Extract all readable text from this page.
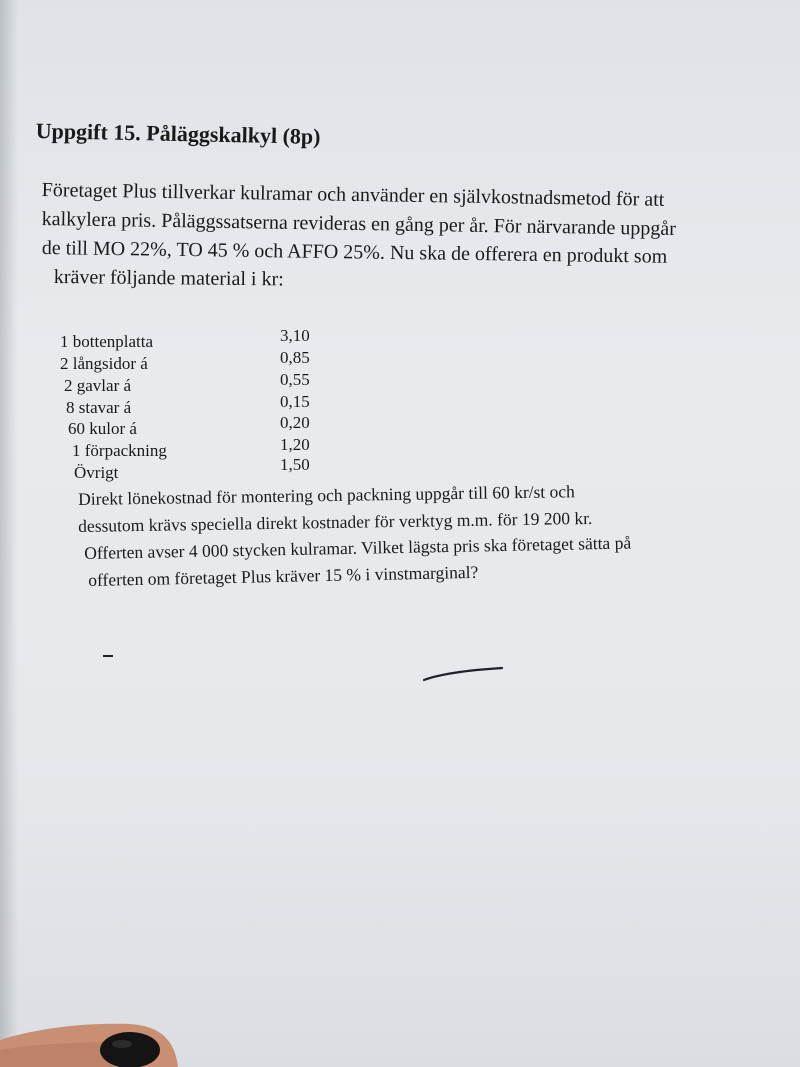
Uppgift 15. Påläggskalkyl (8p)
Företaget Plus tillverkar kulramar och använder en självkostnadsmetod för att
kalkylera pris. Påläggssatserna revideras en gång per år. För närvarande uppgår
de till MO 22%, TO 45 % och AFFO 25%. Nu ska de offerera en produkt som
kräver följande material i kr:
1 bottenplatta	3,10
2 långsidor á	0,85
2 gavlar á	0,55
8 stavar á	0,15
60 kulor á	0,20
1 förpackning	1,20
Övrigt	1,50
Direkt lönekostnad för montering och packning uppgår till 60 kr/st och
dessutom krävs speciella direkt kostnader för verktyg m.m. för 19 200 kr.
Offerten avser 4 000 stycken kulramar. Vilket lägsta pris ska företaget sätta på
offerten om företaget Plus kräver 15 % i vinstmarginal?
